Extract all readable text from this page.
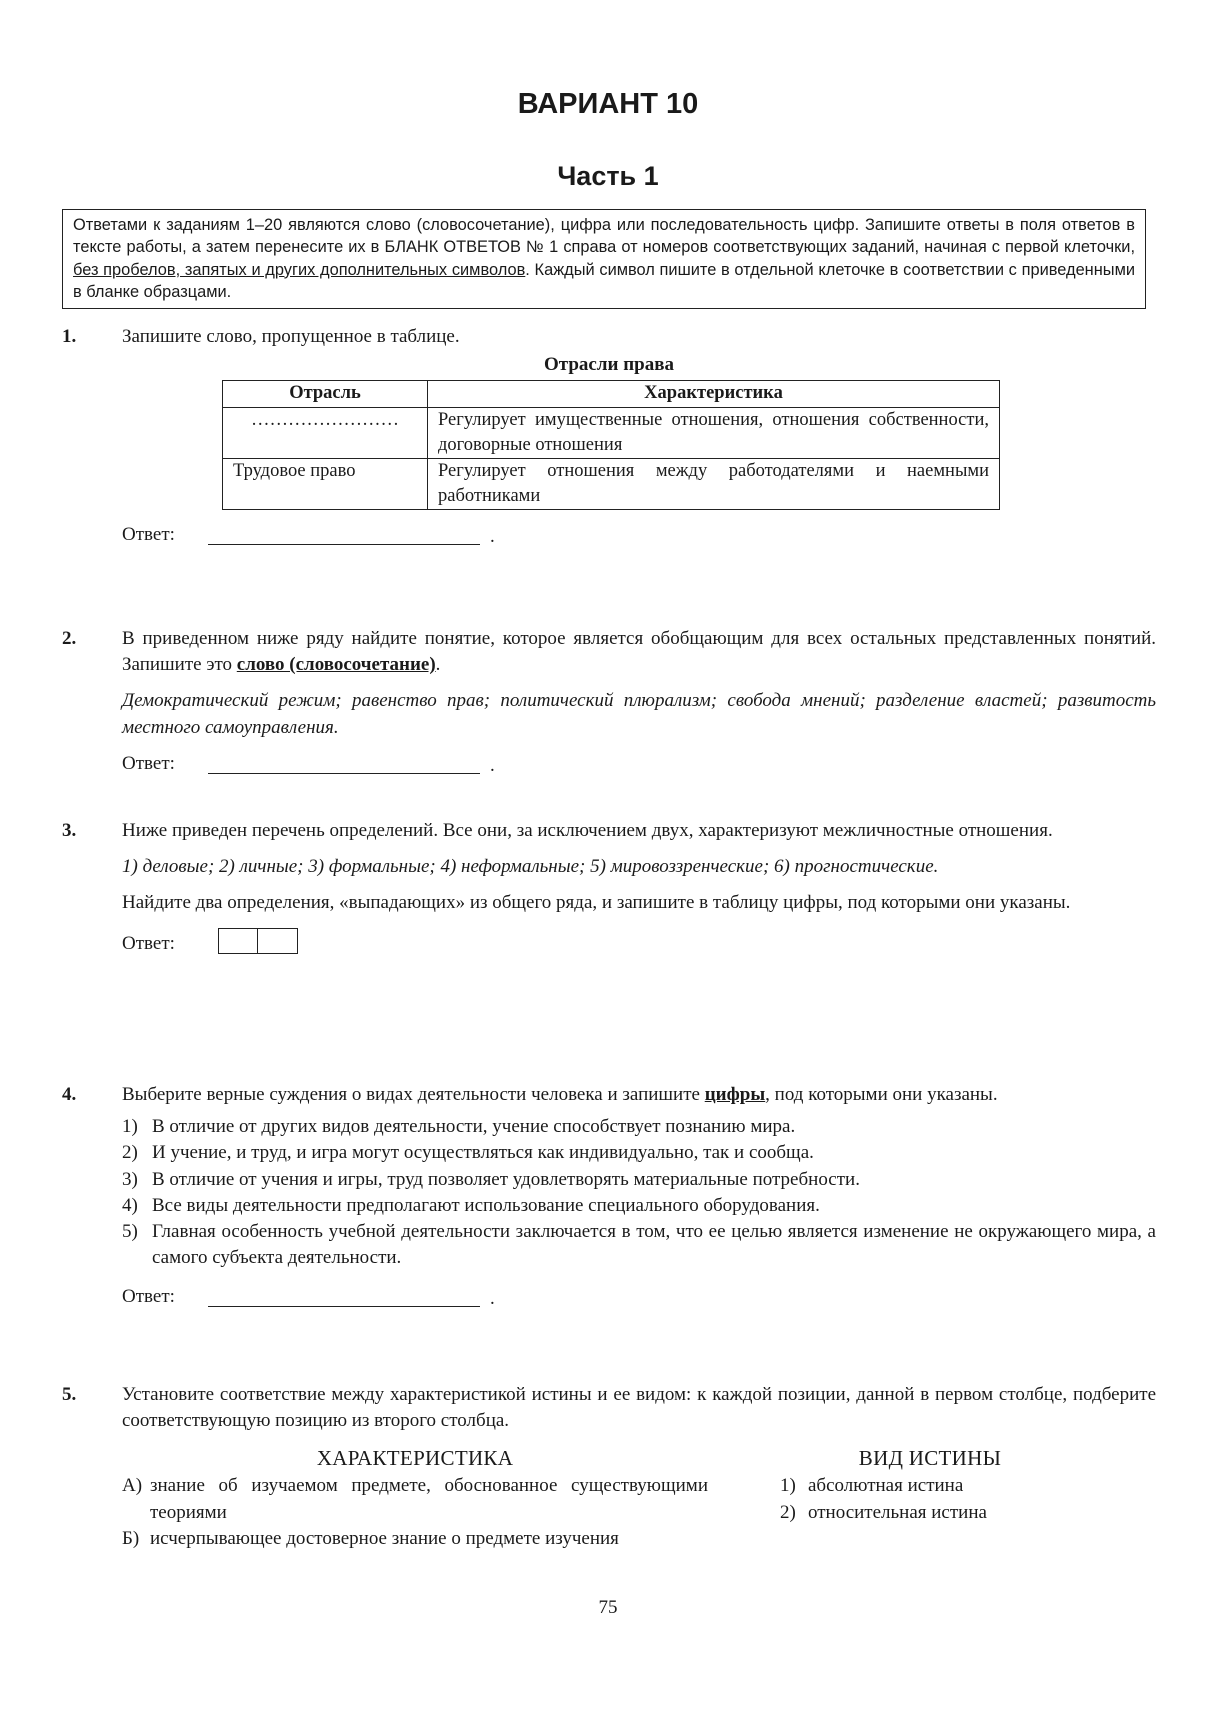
ВАРИАНТ 10
Часть 1
Ответами к заданиям 1–20 являются слово (словосочетание), цифра или последовательность цифр. Запишите ответы в поля ответов в тексте работы, а затем перенесите их в БЛАНК ОТВЕТОВ № 1 справа от номеров соответствующих заданий, начиная с первой клеточки, без пробелов, запятых и других дополнительных символов. Каждый символ пишите в отдельной клеточке в соответствии с приведенными в бланке образцами.
1. Запишите слово, пропущенное в таблице.

Отрасли права
Отрасль	Характеристика
……………………	Регулирует имущественные отношения, отношения собственности, договорные отношения
Трудовое право	Регулирует отношения между работодателями и наемными работниками
Ответ:	.
2. В приведенном ниже ряду найдите понятие, которое является обобщающим для всех остальных представленных понятий. Запишите это слово (словосочетание).

Демократический режим; равенство прав; политический плюрализм; свобода мнений; разделение властей; развитость местного самоуправления.

Ответ:	.
3. Ниже приведен перечень определений. Все они, за исключением двух, характеризуют межличностные отношения.

1) деловые; 2) личные; 3) формальные; 4) неформальные; 5) мировоззренческие; 6) прогностические.

Найдите два определения, «выпадающих» из общего ряда, и запишите в таблицу цифры, под которыми они указаны.

Ответ:
4. Выберите верные суждения о видах деятельности человека и запишите цифры, под которыми они указаны.

1) В отличие от других видов деятельности, учение способствует познанию мира.
2) И учение, и труд, и игра могут осуществляться как индивидуально, так и сообща.
3) В отличие от учения и игры, труд позволяет удовлетворять материальные потребности.
4) Все виды деятельности предполагают использование специального оборудования.
5) Главная особенность учебной деятельности заключается в том, что ее целью является изменение не окружающего мира, а самого субъекта деятельности.
Ответ:	.
5. Установите соответствие между характеристикой истины и ее видом: к каждой позиции, данной в первом столбце, подберите соответствующую позицию из второго столбца.

ХАРАКТЕРИСТИКА
А) знание об изучаемом предмете, обоснованное существующими теориями
Б) исчерпывающее достоверное знание о предмете изучения
ВИД ИСТИНЫ
1) абсолютная истина
2) относительная истина
75
